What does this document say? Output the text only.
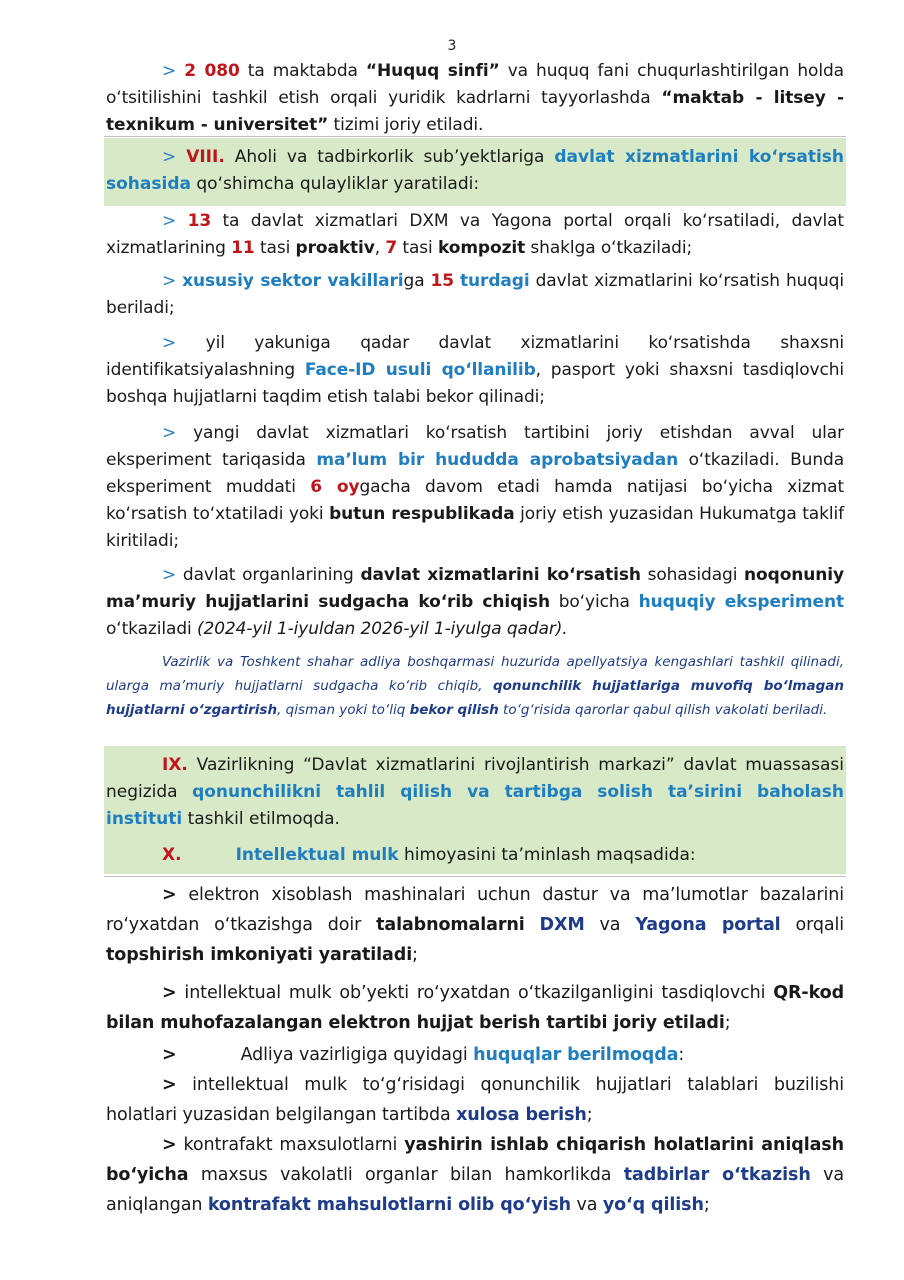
3
> 2 080 ta maktabda “Huquq sinfi” va huquq fani chuqurlashtirilgan holda o‘tsitilishini tashkil etish orqali yuridik kadrlarni tayyorlashda “maktab - litsey - texnikum - universitet” tizimi joriy etiladi.
> VIII. Aholi va tadbirkorlik sub’yektlariga davlat xizmatlarini ko‘rsatish sohasida qo‘shimcha qulayliklar yaratiladi:
> 13 ta davlat xizmatlari DXM va Yagona portal orqali ko‘rsatiladi, davlat xizmatlarining 11 tasi proaktiv, 7 tasi kompozit shaklga o‘tkaziladi;
> xususiy sektor vakillariga 15 turdagi davlat xizmatlarini ko‘rsatish huquqi beriladi;
> yil yakuniga qadar davlat xizmatlarini ko‘rsatishda shaxsni identifikatsiyalashning Face-ID usuli qo‘llanilib, pasport yoki shaxsni tasdiqlovchi boshqa hujjatlarni taqdim etish talabi bekor qilinadi;
> yangi davlat xizmatlari ko‘rsatish tartibini joriy etishdan avval ular eksperiment tariqasida ma’lum bir hududda aprobatsiyadan o‘tkaziladi. Bunda eksperiment muddati 6 oygacha davom etadi hamda natijasi bo‘yicha xizmat ko‘rsatish to‘xtatiladi yoki butun respublikada joriy etish yuzasidan Hukumatga taklif kiritiladi;
> davlat organlarining davlat xizmatlarini ko‘rsatish sohasidagi noqonuniy ma’muriy hujjatlarini sudgacha ko‘rib chiqish bo‘yicha huquqiy eksperiment o‘tkaziladi (2024-yil 1-iyuldan 2026-yil 1-iyulga qadar).
Vazirlik va Toshkent shahar adliya boshqarmasi huzurida apellyatsiya kengashlari tashkil qilinadi, ularga ma’muriy hujjatlarni sudgacha ko‘rib chiqib, qonunchilik hujjatlariga muvofiq bo‘lmagan hujjatlarni o‘zgartirish, qisman yoki to‘liq bekor qilish to‘g‘risida qarorlar qabul qilish vakolati beriladi.
IX. Vazirlikning “Davlat xizmatlarini rivojlantirish markazi” davlat muassasasi negizida qonunchilikni tahlil qilish va tartibga solish ta’sirini baholash instituti tashkil etilmoqda.
X.	Intellektual mulk himoyasini ta’minlash maqsadida:
> elektron xisoblash mashinalari uchun dastur va ma’lumotlar bazalarini ro‘yxatdan o‘tkazishga doir talabnomalarni DXM va Yagona portal orqali topshirish imkoniyati yaratiladi;
> intellektual mulk ob’yekti ro‘yxatdan o‘tkazilganligini tasdiqlovchi QR-kod bilan muhofazalangan elektron hujjat berish tartibi joriy etiladi;
>	Adliya vazirligiga quyidagi huquqlar berilmoqda:
> intellektual mulk to‘g‘risidagi qonunchilik hujjatlari talablari buzilishi holatlari yuzasidan belgilangan tartibda xulosa berish;
> kontrafakt maxsulotlarni yashirin ishlab chiqarish holatlarini aniqlash bo‘yicha maxsus vakolatli organlar bilan hamkorlikda tadbirlar o‘tkazish va aniqlangan kontrafakt mahsulotlarni olib qo‘yish va yo‘q qilish;
